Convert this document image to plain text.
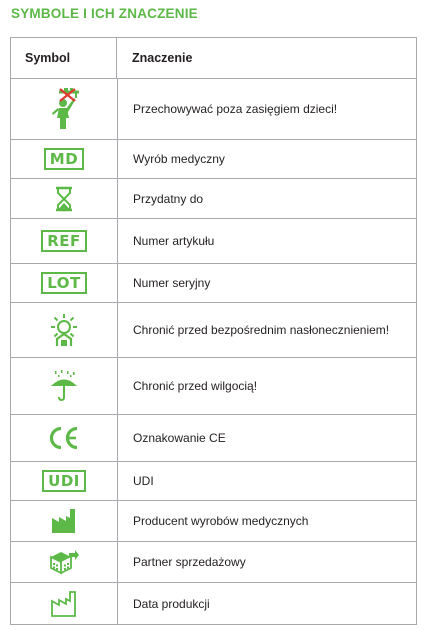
SYMBOLE I ICH ZNACZENIE
Symbol	Znaczenie
Przechowywać poza zasięgiem dzieci!
MD	Wyrób medyczny
Przydatny do
REF	Numer artykułu
LOT	Numer seryjny
Chronić przed bezpośrednim nasłonecznieniem!
Chronić przed wilgocią!
Oznakowanie CE
UDI	UDI
Producent wyrobów medycznych
Partner sprzedażowy
Data produkcji
